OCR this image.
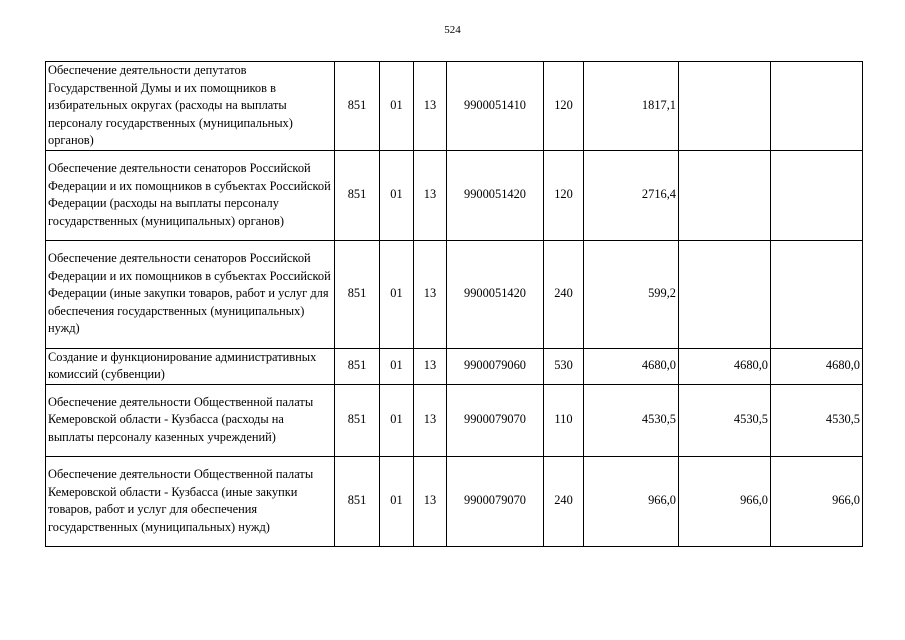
524
Обеспечение деятельности депутатов Государственной Думы и их помощников в избирательных округах (расходы на выплаты персоналу государственных (муниципальных) органов)	851	01	13	9900051410	120	1817,1		
Обеспечение деятельности сенаторов Российской Федерации и их помощников в субъектах Российской Федерации (расходы на выплаты персоналу государственных (муниципальных) органов)	851	01	13	9900051420	120	2716,4		
Обеспечение деятельности сенаторов Российской Федерации и их помощников в субъектах Российской Федерации (иные закупки товаров, работ и услуг для обеспечения государственных (муниципальных) нужд)	851	01	13	9900051420	240	599,2		
Создание и функционирование административных комиссий (субвенции)	851	01	13	9900079060	530	4680,0	4680,0	4680,0
Обеспечение деятельности Общественной палаты Кемеровской области - Кузбасса (расходы на выплаты персоналу казенных учреждений)	851	01	13	9900079070	110	4530,5	4530,5	4530,5
Обеспечение деятельности Общественной палаты Кемеровской области - Кузбасса (иные закупки товаров, работ и услуг для обеспечения государственных (муниципальных) нужд)	851	01	13	9900079070	240	966,0	966,0	966,0
